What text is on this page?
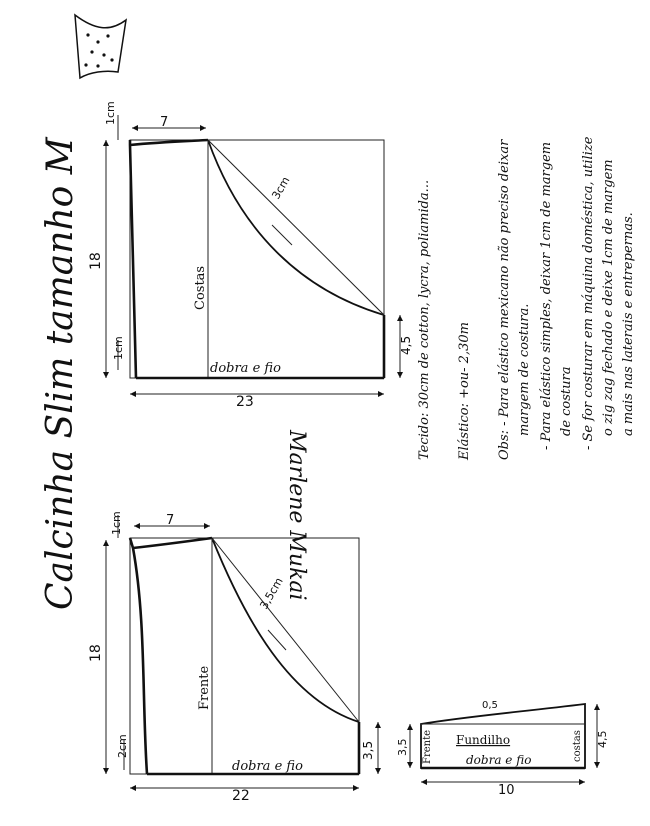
7
1cm
18
1cm
23
4,5
3cm
Costas
dobra e fio
7
1cm
18
2cm
22
3,5
3,5cm
Frente
dobra e fio
3,5	4,5
10
0,5
Frente	costas
Fundilho
dobra e fio
Calcinha Slim tamanho M	Marlene Mukai
Tecido: 30cm de cotton, lycra, poliamida... Elástico: +ou- 2,30m Obs: - Para elástico mexicano não preciso deixar margem de costura. - Para elástico simples, deixar 1cm de margem de costura - Se for costurar em máquina doméstica, utilize o zig zag fechado e deixe 1cm de margem a mais nas laterais e entrepernas.
